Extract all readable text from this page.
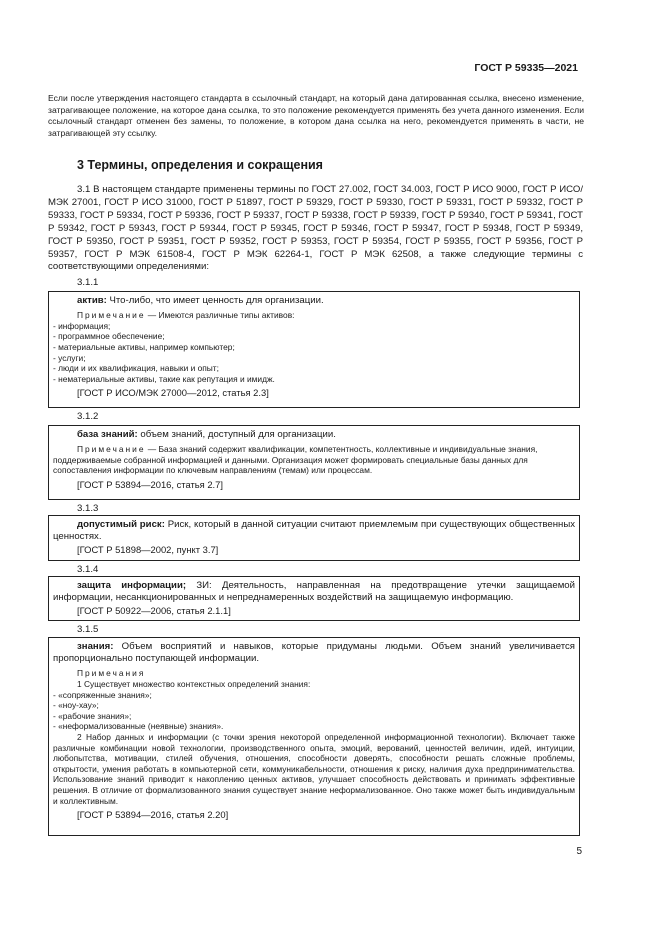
ГОСТ Р 59335—2021
Если после утверждения настоящего стандарта в ссылочный стандарт, на который дана датированная ссылка, внесено изменение, затрагивающее положение, на которое дана ссылка, то это положение рекомендуется применять без учета данного изменения. Если ссылочный стандарт отменен без замены, то положение, в котором дана ссылка на него, рекомендуется применять в части, не затрагивающей эту ссылку.
3 Термины, определения и сокращения

3.1 В настоящем стандарте применены термины по ГОСТ 27.002, ГОСТ 34.003, ГОСТ Р ИСО 9000, ГОСТ Р ИСО/МЭК 27001, ГОСТ Р ИСО 31000, ГОСТ Р 51897, ГОСТ Р 59329, ГОСТ Р 59330, ГОСТ Р 59331, ГОСТ Р 59332, ГОСТ Р 59333, ГОСТ Р 59334, ГОСТ Р 59336, ГОСТ Р 59337, ГОСТ Р 59338, ГОСТ Р 59339, ГОСТ Р 59340, ГОСТ Р 59341, ГОСТ Р 59342, ГОСТ Р 59343, ГОСТ Р 59344, ГОСТ Р 59345, ГОСТ Р 59346, ГОСТ Р 59347, ГОСТ Р 59348, ГОСТ Р 59349, ГОСТ Р 59350, ГОСТ Р 59351, ГОСТ Р 59352, ГОСТ Р 59353, ГОСТ Р 59354, ГОСТ Р 59355, ГОСТ Р 59356, ГОСТ Р 59357, ГОСТ Р МЭК 61508-4, ГОСТ Р МЭК 62264-1, ГОСТ Р МЭК 62508, а также следующие термины с соответствующими определениями:

3.1.1

актив: Что-либо, что имеет ценность для организации.

Примечание — Имеются различные типы активов:
- информация;
- программное обеспечение;
- материальные активы, например компьютер;
- услуги;
- люди и их квалификация, навыки и опыт;
- нематериальные активы, такие как репутация и имидж.
[ГОСТ Р ИСО/МЭК 27000—2012, статья 2.3]
3.1.2

база знаний: объем знаний, доступный для организации.

Примечание — База знаний содержит квалификации, компетентность, коллективные и индивидуальные знания, поддерживаемые собранной информацией и данными. Организация может формировать специальные базы данных для сопоставления информации по ключевым направлениям (темам) или процессам.
[ГОСТ Р 53894—2016, статья 2.7]
3.1.3

допустимый риск: Риск, который в данной ситуации считают приемлемым при существующих общественных ценностях.

[ГОСТ Р 51898—2002, пункт 3.7]
3.1.4

защита информации; ЗИ: Деятельность, направленная на предотвращение утечки защищаемой информации, несанкционированных и непреднамеренных воздействий на защищаемую информацию.

[ГОСТ Р 50922—2006, статья 2.1.1]
3.1.5

знания: Объем восприятий и навыков, которые придуманы людьми. Объем знаний увеличивается пропорционально поступающей информации.

Примечания
1 Существует множество контекстных определений знания:
- «сопряженные знания»;
- «ноу-хау»;
- «рабочие знания»;
- «неформализованные (неявные) знания».
2 Набор данных и информации (с точки зрения некоторой определенной информационной технологии). Включает также различные комбинации новой технологии, производственного опыта, эмоций, верований, ценностей величин, идей, интуиции, любопытства, мотивации, стилей обучения, отношения, способности доверять, способности решать сложные проблемы, открытости, умения работать в компьютерной сети, коммуникабельности, отношения к риску, наличия духа предпринимательства. Использование знаний приводит к накоплению ценных активов, улучшает способность действовать и принимать эффективные решения. В отличие от формализованного знания существует знание неформализованное. Оно также может быть индивидуальным и коллективным.
[ГОСТ Р 53894—2016, статья 2.20]
5
